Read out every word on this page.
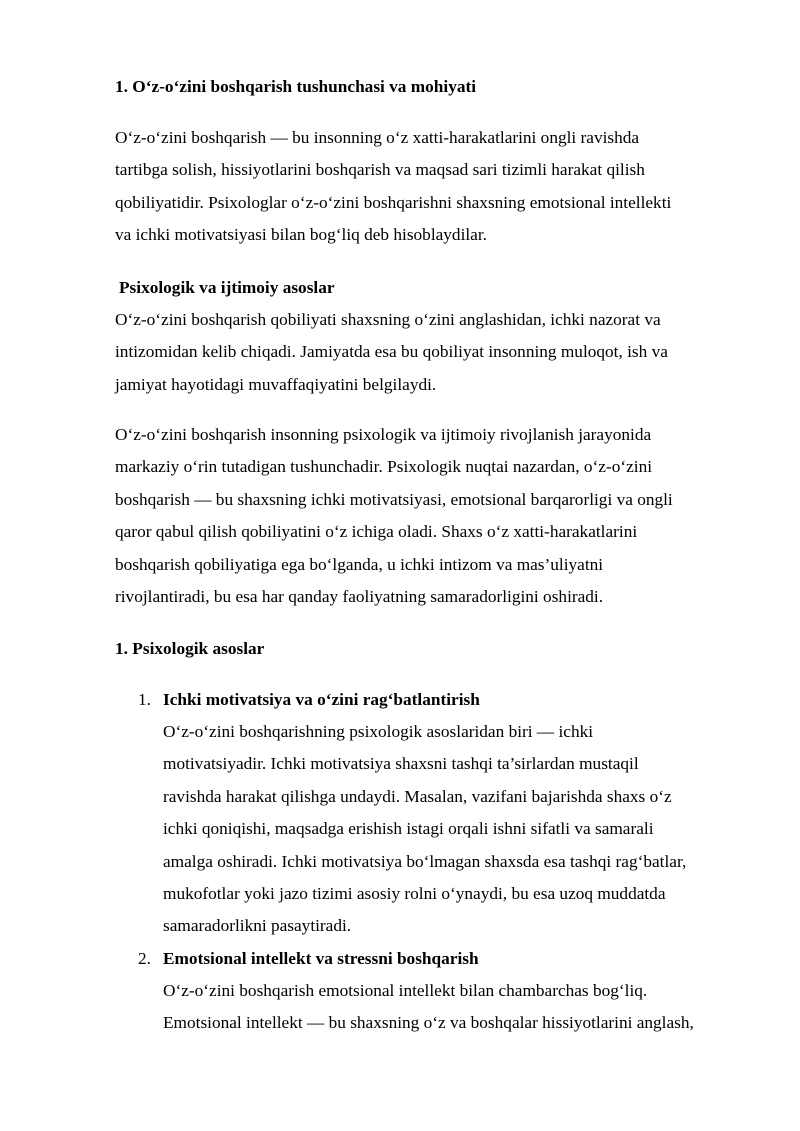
1. O‘z-o‘zini boshqarish tushunchasi va mohiyati

O‘z-o‘zini boshqarish — bu insonning o‘z xatti-harakatlarini ongli ravishda
tartibga solish, hissiyotlarini boshqarish va maqsad sari tizimli harakat qilish
qobiliyatidir. Psixologlar o‘z-o‘zini boshqarishni shaxsning emotsional intellekti
va ichki motivatsiyasi bilan bog‘liq deb hisoblaydilar.

Psixologik va ijtimoiy asoslar

O‘z-o‘zini boshqarish qobiliyati shaxsning o‘zini anglashidan, ichki nazorat va
intizomidan kelib chiqadi. Jamiyatda esa bu qobiliyat insonning muloqot, ish va
jamiyat hayotidagi muvaffaqiyatini belgilaydi.

O‘z-o‘zini boshqarish insonning psixologik va ijtimoiy rivojlanish jarayonida
markaziy o‘rin tutadigan tushunchadir. Psixologik nuqtai nazardan, o‘z-o‘zini
boshqarish — bu shaxsning ichki motivatsiyasi, emotsional barqarorligi va ongli
qaror qabul qilish qobiliyatini o‘z ichiga oladi. Shaxs o‘z xatti-harakatlarini
boshqarish qobiliyatiga ega bo‘lganda, u ichki intizom va mas’uliyatni
rivojlantiradi, bu esa har qanday faoliyatning samaradorligini oshiradi.

1. Psixologik asoslar
1. Ichki motivatsiya va o‘zini rag‘batlantirish

O‘z-o‘zini boshqarishning psixologik asoslaridan biri — ichki
motivatsiyadir. Ichki motivatsiya shaxsni tashqi ta’sirlardan mustaqil
ravishda harakat qilishga undaydi. Masalan, vazifani bajarishda shaxs o‘z
ichki qoniqishi, maqsadga erishish istagi orqali ishni sifatli va samarali
amalga oshiradi. Ichki motivatsiya bo‘lmagan shaxsda esa tashqi rag‘batlar,
mukofotlar yoki jazo tizimi asosiy rolni o‘ynaydi, bu esa uzoq muddatda
samaradorlikni pasaytiradi.

2. Emotsional intellekt va stressni boshqarish

O‘z-o‘zini boshqarish emotsional intellekt bilan chambarchas bog‘liq.
Emotsional intellekt — bu shaxsning o‘z va boshqalar hissiyotlarini anglash,
